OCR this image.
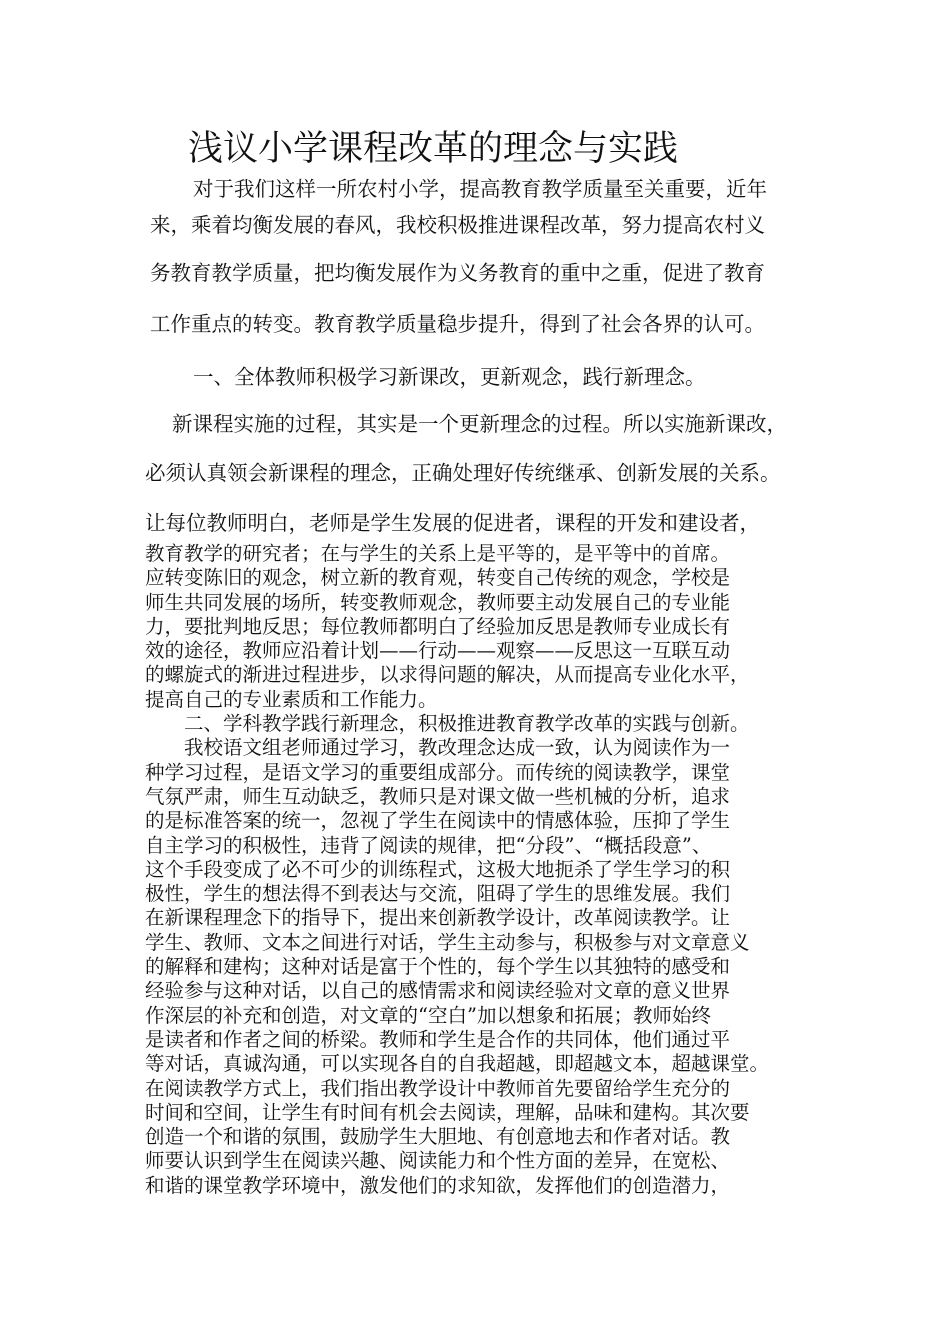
浅议小学课程改革的理念与实践
对于我们这样一所农村小学，提高教育教学质量至关重要，近年
来，乘着均衡发展的春风，我校积极推进课程改革，努力提高农村义
务教育教学质量，把均衡发展作为义务教育的重中之重，促进了教育
工作重点的转变。教育教学质量稳步提升，得到了社会各界的认可。
一、全体教师积极学习新课改，更新观念，践行新理念。
新课程实施的过程，其实是一个更新理念的过程。所以实施新课改，
必须认真领会新课程的理念，正确处理好传统继承、创新发展的关系。
让每位教师明白，老师是学生发展的促进者，课程的开发和建设者，
教育教学的研究者；在与学生的关系上是平等的，是平等中的首席。
应转变陈旧的观念，树立新的教育观，转变自己传统的观念，学校是
师生共同发展的场所，转变教师观念，教师要主动发展自己的专业能
力，要批判地反思；每位教师都明白了经验加反思是教师专业成长有
效的途径，教师应沿着计划——行动——观察——反思这一互联互动
的螺旋式的渐进过程进步，以求得问题的解决，从而提高专业化水平，
提高自己的专业素质和工作能力。
　　二、学科教学践行新理念，积极推进教育教学改革的实践与创新。
　　我校语文组老师通过学习，教改理念达成一致，认为阅读作为一
种学习过程，是语文学习的重要组成部分。而传统的阅读教学，课堂
气氛严肃，师生互动缺乏，教师只是对课文做一些机械的分析，追求
的是标准答案的统一，忽视了学生在阅读中的情感体验，压抑了学生
自主学习的积极性，违背了阅读的规律，把“分段”、“概括段意”、
这个手段变成了必不可少的训练程式，这极大地扼杀了学生学习的积
极性，学生的想法得不到表达与交流，阻碍了学生的思维发展。我们
在新课程理念下的指导下，提出来创新教学设计，改革阅读教学。让
学生、教师、文本之间进行对话，学生主动参与，积极参与对文章意义
的解释和建构；这种对话是富于个性的，每个学生以其独特的感受和
经验参与这种对话，以自己的感情需求和阅读经验对文章的意义世界
作深层的补充和创造，对文章的“空白”加以想象和拓展；教师始终
是读者和作者之间的桥梁。教师和学生是合作的共同体，他们通过平
等对话，真诚沟通，可以实现各自的自我超越，即超越文本，超越课堂。
在阅读教学方式上，我们指出教学设计中教师首先要留给学生充分的
时间和空间，让学生有时间有机会去阅读，理解，品味和建构。其次要
创造一个和谐的氛围，鼓励学生大胆地、有创意地去和作者对话。教
师要认识到学生在阅读兴趣、阅读能力和个性方面的差异，在宽松、
和谐的课堂教学环境中，激发他们的求知欲，发挥他们的创造潜力，
